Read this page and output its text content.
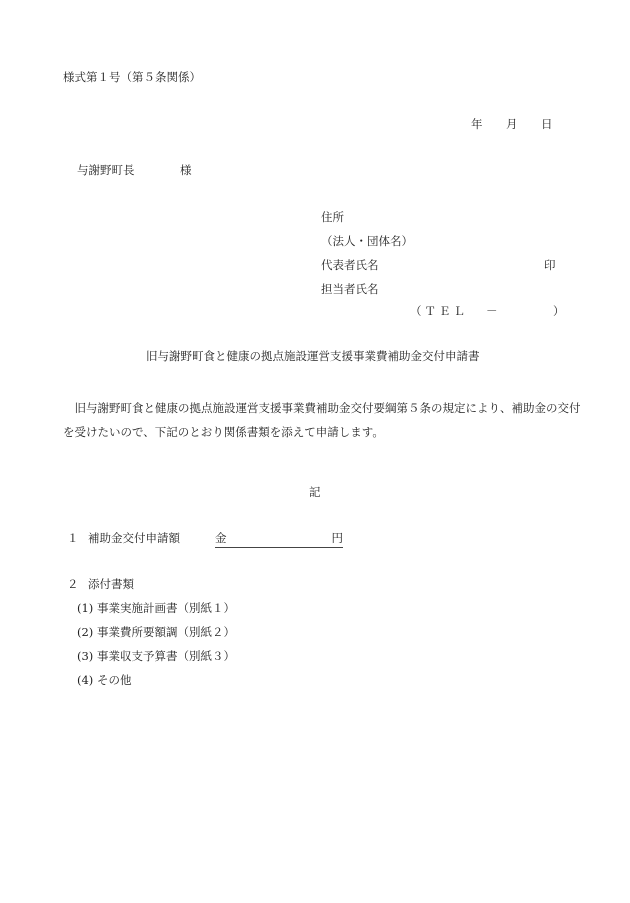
様式第１号（第５条関係）
年 月 日
与謝野町長	様
住所
（法人・団体名）
代表者氏名	印
担当者氏名
（ＴＥＬ －	）
旧与謝野町食と健康の拠点施設運営支援事業費補助金交付申請書
旧与謝野町食と健康の拠点施設運営支援事業費補助金交付要綱第５条の規定により、補助金の交付を受けたいので、下記のとおり関係書類を添えて申請します。
記
１ 補助金交付申請額	金	円
２ 添付書類
(1) 事業実施計画書（別紙１）
(2) 事業費所要額調（別紙２）
(3) 事業収支予算書（別紙３）
(4) その他
